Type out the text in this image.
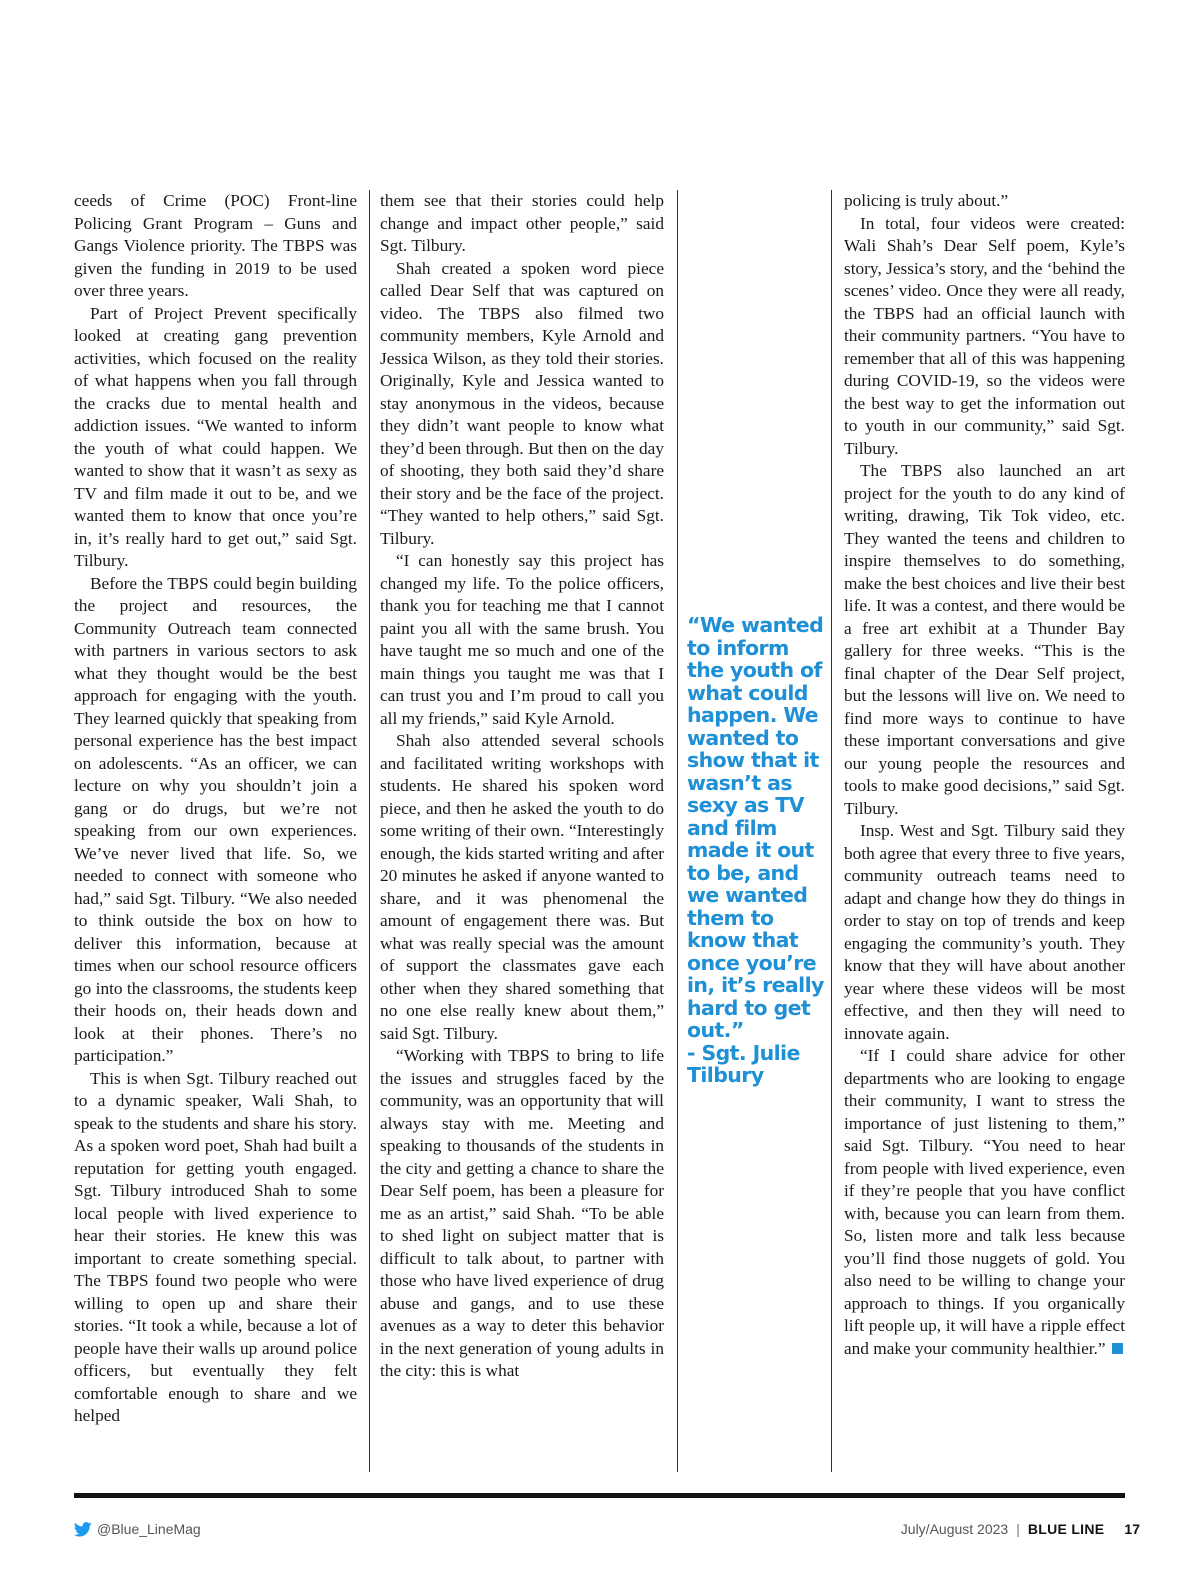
ceeds of Crime (POC) Front-line Policing Grant Program – Guns and Gangs Violence priority. The TBPS was given the funding in 2019 to be used over three years.

Part of Project Prevent specifically looked at creating gang prevention activities, which focused on the reality of what happens when you fall through the cracks due to mental health and addiction issues. “We wanted to inform the youth of what could happen. We wanted to show that it wasn’t as sexy as TV and film made it out to be, and we wanted them to know that once you’re in, it’s really hard to get out,” said Sgt. Tilbury.

Before the TBPS could begin building the project and resources, the Community Outreach team connected with partners in various sectors to ask what they thought would be the best approach for engaging with the youth. They learned quickly that speaking from personal experience has the best impact on adolescents. “As an officer, we can lecture on why you shouldn’t join a gang or do drugs, but we’re not speaking from our own experiences. We’ve never lived that life. So, we needed to connect with someone who had,” said Sgt. Tilbury. “We also needed to think outside the box on how to deliver this information, because at times when our school resource officers go into the classrooms, the students keep their hoods on, their heads down and look at their phones. There’s no participation.”

This is when Sgt. Tilbury reached out to a dynamic speaker, Wali Shah, to speak to the students and share his story. As a spoken word poet, Shah had built a reputation for getting youth engaged. Sgt. Tilbury introduced Shah to some local people with lived experience to hear their stories. He knew this was important to create something special. The TBPS found two people who were willing to open up and share their stories. “It took a while, because a lot of people have their walls up around police officers, but eventually they felt comfortable enough to share and we helped

them see that their stories could help change and impact other people,” said Sgt. Tilbury.

Shah created a spoken word piece called Dear Self that was captured on video. The TBPS also filmed two community members, Kyle Arnold and Jessica Wilson, as they told their stories. Originally, Kyle and Jessica wanted to stay anonymous in the videos, because they didn’t want people to know what they’d been through. But then on the day of shooting, they both said they’d share their story and be the face of the project. “They wanted to help others,” said Sgt. Tilbury.

“I can honestly say this project has changed my life. To the police officers, thank you for teaching me that I cannot paint you all with the same brush. You have taught me so much and one of the main things you taught me was that I can trust you and I’m proud to call you all my friends,” said Kyle Arnold.

Shah also attended several schools and facilitated writing workshops with students. He shared his spoken word piece, and then he asked the youth to do some writing of their own. “Interestingly enough, the kids started writing and after 20 minutes he asked if anyone wanted to share, and it was phenomenal the amount of engagement there was. But what was really special was the amount of support the classmates gave each other when they shared something that no one else really knew about them,” said Sgt. Tilbury.

“Working with TBPS to bring to life the issues and struggles faced by the community, was an opportunity that will always stay with me. Meeting and speaking to thousands of the students in the city and getting a chance to share the Dear Self poem, has been a pleasure for me as an artist,” said Shah. “To be able to shed light on subject matter that is difficult to talk about, to partner with those who have lived experience of drug abuse and gangs, and to use these avenues as a way to deter this behavior in the next generation of young adults in the city: this is what

“We wanted to inform the youth of what could happen. We wanted to show that it wasn’t as sexy as TV and film made it out to be, and we wanted them to know that once you’re in, it’s really hard to get out.”
- Sgt. Julie Tilbury

policing is truly about.”

In total, four videos were created: Wali Shah’s Dear Self poem, Kyle’s story, Jessica’s story, and the ‘behind the scenes’ video. Once they were all ready, the TBPS had an official launch with their community partners. “You have to remember that all of this was happening during COVID-19, so the videos were the best way to get the information out to youth in our community,” said Sgt. Tilbury.

The TBPS also launched an art project for the youth to do any kind of writing, drawing, Tik Tok video, etc. They wanted the teens and children to inspire themselves to do something, make the best choices and live their best life. It was a contest, and there would be a free art exhibit at a Thunder Bay gallery for three weeks. “This is the final chapter of the Dear Self project, but the lessons will live on. We need to find more ways to continue to have these important conversations and give our young people the resources and tools to make good decisions,” said Sgt. Tilbury.

Insp. West and Sgt. Tilbury said they both agree that every three to five years, community outreach teams need to adapt and change how they do things in order to stay on top of trends and keep engaging the community’s youth. They know that they will have about another year where these videos will be most effective, and then they will need to innovate again.

“If I could share advice for other departments who are looking to engage their community, I want to stress the importance of just listening to them,” said Sgt. Tilbury. “You need to hear from people with lived experience, even if they’re people that you have conflict with, because you can learn from them. So, listen more and talk less because you’ll find those nuggets of gold. You also need to be willing to change your approach to things. If you organically lift people up, it will have a ripple effect and make your community healthier.”

@Blue_LineMag	July/August 2023 | BLUE LINE 17
